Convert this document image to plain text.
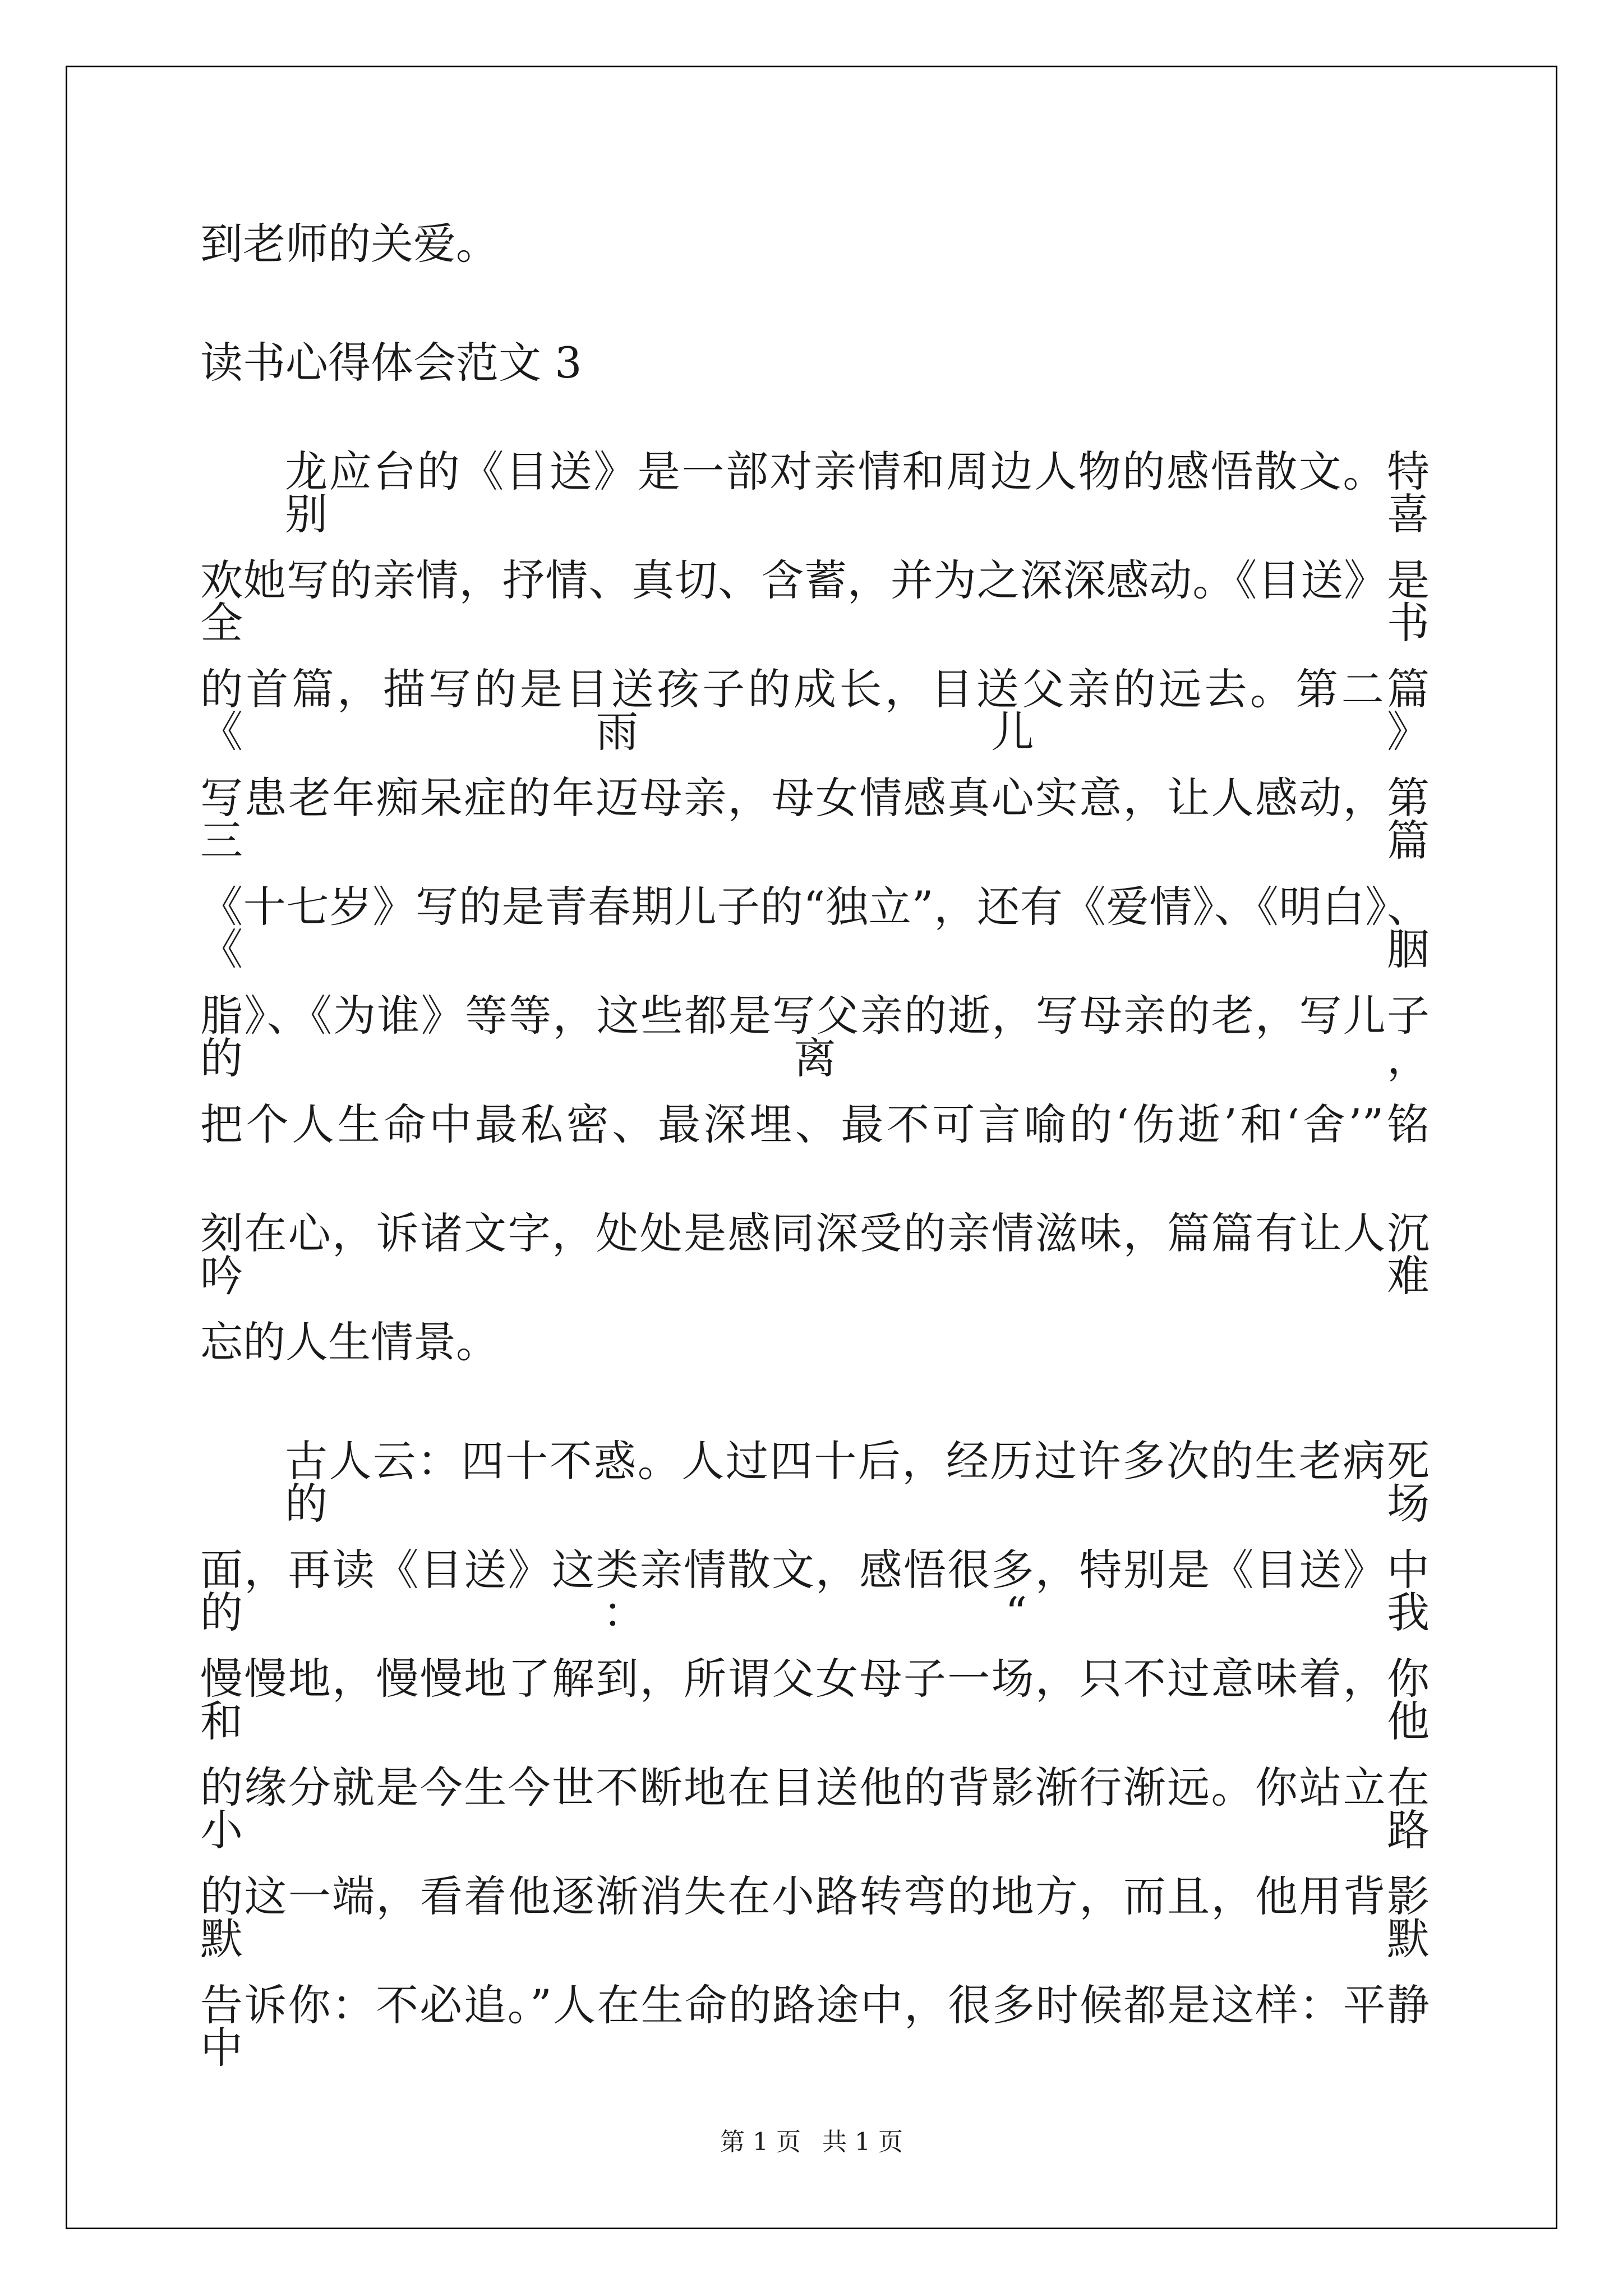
到老师的关爱。
读书心得体会范文 3
龙应台的《目送》是一部对亲情和周边人物的感悟散文。特别喜
欢她写的亲情，抒情、真切、含蓄，并为之深深感动。《目送》是全书
的首篇，描写的是目送孩子的成长，目送父亲的远去。第二篇《雨儿》
写患老年痴呆症的年迈母亲，母女情感真心实意，让人感动，第三篇
《十七岁》写的是青春期儿子的“独立”，还有《爱情》、《明白》、《胭
脂》、《为谁》等等，这些都是写父亲的逝，写母亲的老，写儿子的离，
把个人生命中最私密、最深埋、最不可言喻的‘伤逝’和‘舍’”铭
刻在心，诉诸文字，处处是感同深受的亲情滋味，篇篇有让人沉吟难
忘的人生情景。
古人云：四十不惑。人过四十后，经历过许多次的生老病死的场
面，再读《目送》这类亲情散文，感悟很多，特别是《目送》中的：“我
慢慢地，慢慢地了解到，所谓父女母子一场，只不过意味着，你和他
的缘分就是今生今世不断地在目送他的背影渐行渐远。你站立在小路
的这一端，看着他逐渐消失在小路转弯的地方，而且，他用背影默默
告诉你：不必追。”人在生命的路途中，很多时候都是这样：平静中
第 1 页 共 1 页
